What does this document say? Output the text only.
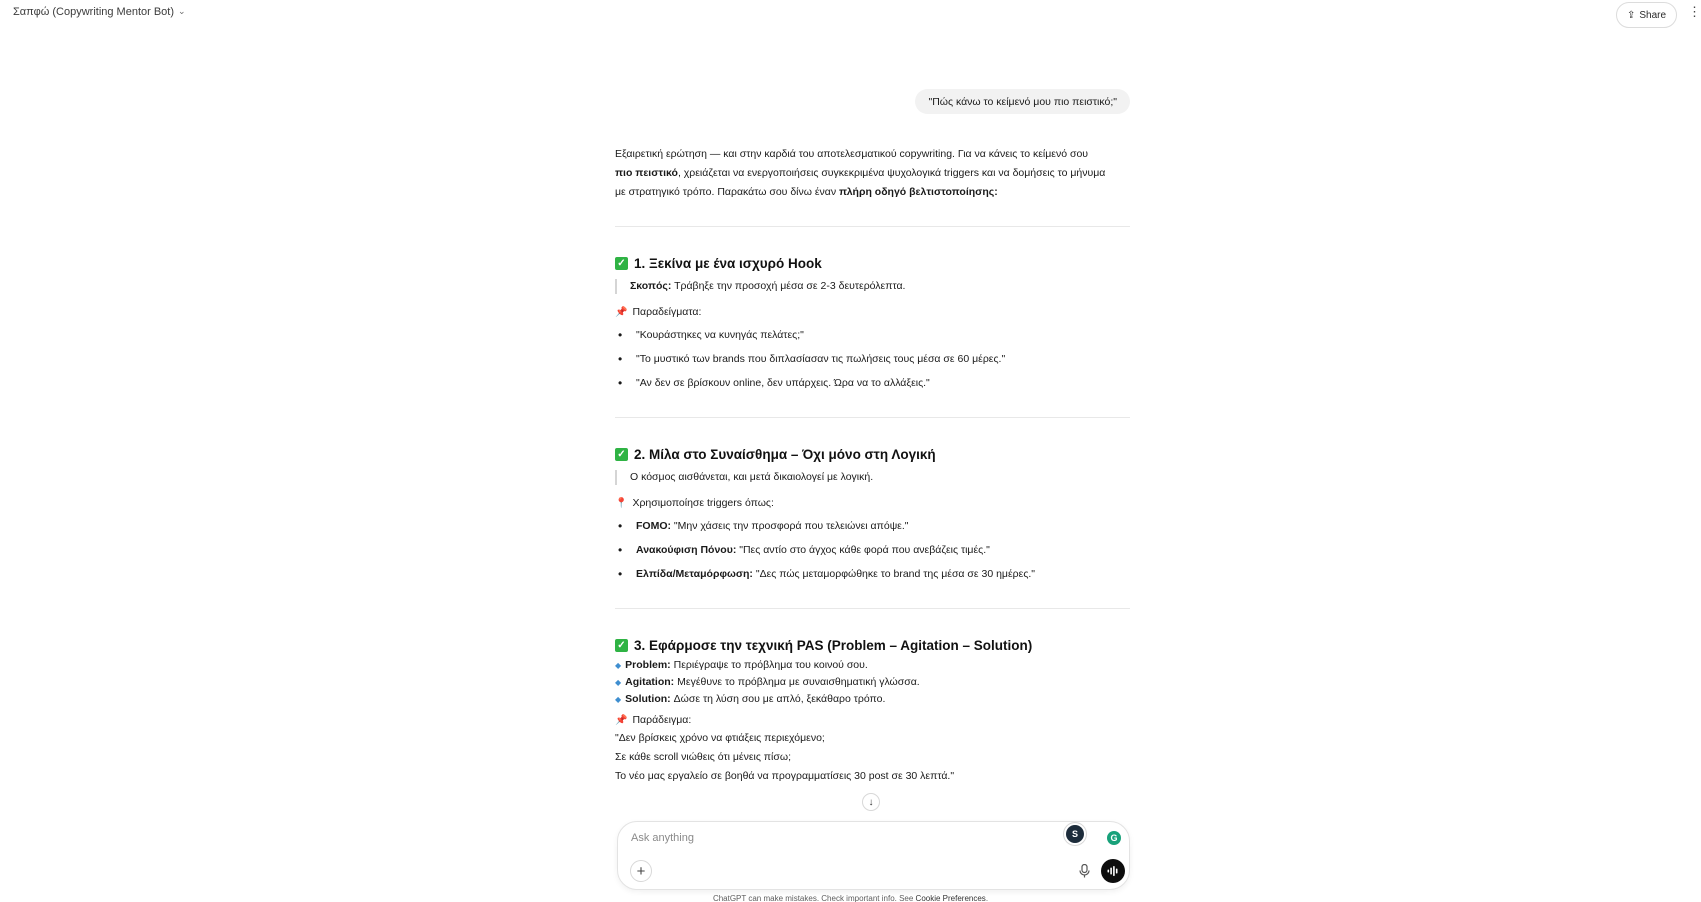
Σαπφώ (Copywriting Mentor Bot) ⌄	⇪ Share ⋮
"Πώς κάνω το κείμενό μου πιο πειστικό;"

Εξαιρετική ερώτηση — και στην καρδιά του αποτελεσματικού copywriting. Για να κάνεις το κείμενό σου
πιο πειστικό, χρειάζεται να ενεργοποιήσεις συγκεκριμένα ψυχολογικά triggers και να δομήσεις το μήνυμα
με στρατηγικό τρόπο. Παρακάτω σου δίνω έναν πλήρη οδηγό βελτιστοποίησης:

✓ 1. Ξεκίνα με ένα ισχυρό Hook
Σκοπός: Τράβηξε την προσοχή μέσα σε 2-3 δευτερόλεπτα.
📌 Παραδείγματα:
• "Κουράστηκες να κυνηγάς πελάτες;"
• "Το μυστικό των brands που διπλασίασαν τις πωλήσεις τους μέσα σε 60 μέρες."
• "Αν δεν σε βρίσκουν online, δεν υπάρχεις. Ώρα να το αλλάξεις."
✓ 2. Μίλα στο Συναίσθημα – Όχι μόνο στη Λογική
Ο κόσμος αισθάνεται, και μετά δικαιολογεί με λογική.
📍 Χρησιμοποίησε triggers όπως:
• FOMO: "Μην χάσεις την προσφορά που τελειώνει απόψε."
• Ανακούφιση Πόνου: "Πες αντίο στο άγχος κάθε φορά που ανεβάζεις τιμές."
• Ελπίδα/Μεταμόρφωση: "Δες πώς μεταμορφώθηκε το brand της μέσα σε 30 ημέρες."
✓ 3. Εφάρμοσε την τεχνική PAS (Problem – Agitation – Solution)
◆ Problem: Περιέγραψε το πρόβλημα του κοινού σου.
◆ Agitation: Μεγέθυνε το πρόβλημα με συναισθηματική γλώσσα.
◆ Solution: Δώσε τη λύση σου με απλό, ξεκάθαρο τρόπο.
📌 Παράδειγμα:
"Δεν βρίσκεις χρόνο να φτιάξεις περιεχόμενο;
Σε κάθε scroll νιώθεις ότι μένεις πίσω;
Το νέο μας εργαλείο σε βοηθά να προγραμματίσεις 30 post σε 30 λεπτά."
↓
Ask anything
S	G
+
ChatGPT can make mistakes. Check important info. See Cookie Preferences.
